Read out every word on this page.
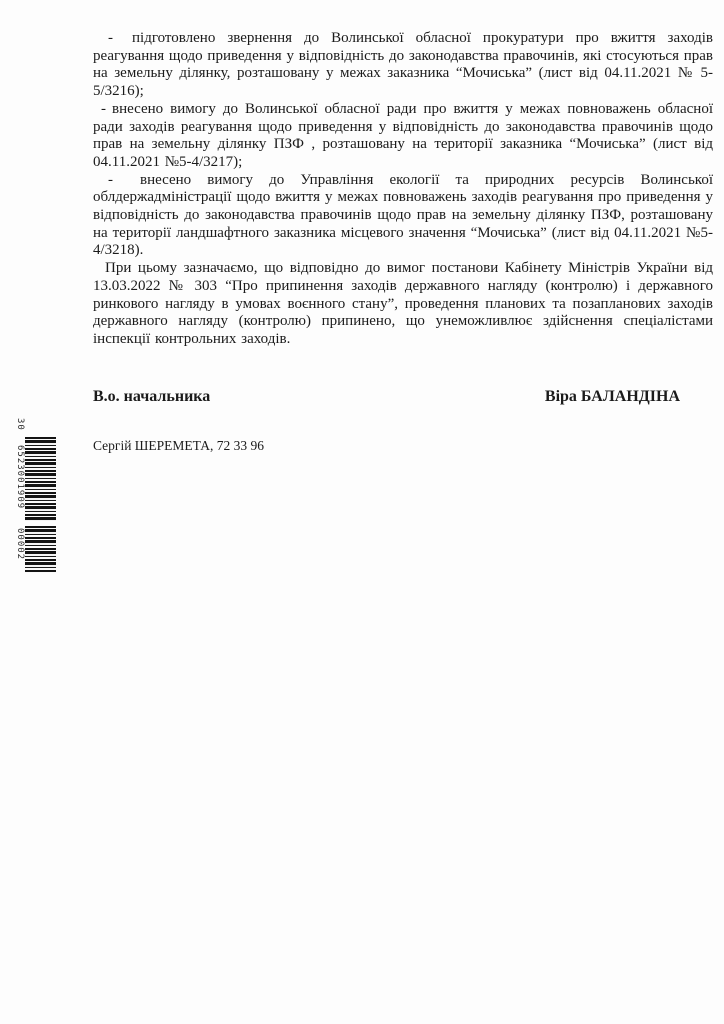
30
6523001909
00002

- підготовлено звернення до Волинської обласної прокуратури про вжиття заходів реагування щодо приведення у відповідність до законодавства правочинів, які стосуються прав на земельну ділянку, розташовану у межах заказника “Мочиська” (лист від 04.11.2021 № 5-5/3216);

- внесено вимогу до Волинської обласної ради про вжиття у межах повноважень обласної ради заходів реагування щодо приведення у відповідність до законодавства правочинів щодо прав на земельну ділянку ПЗФ , розташовану на території заказника “Мочиська” (лист від 04.11.2021 №5-4/3217);

- внесено вимогу до Управління екології та природних ресурсів Волинської облдержадміністрації щодо вжиття у межах повноважень заходів реагування про приведення у відповідність до законодавства правочинів щодо прав на земельну ділянку ПЗФ, розташовану на території ландшафтного заказника місцевого значення “Мочиська” (лист від 04.11.2021 №5-4/3218).

При цьому зазначаємо, що відповідно до вимог постанови Кабінету Міністрів України від 13.03.2022 № 303 “Про припинення заходів державного нагляду (контролю) і державного ринкового нагляду в умовах воєнного стану”, проведення планових та позапланових заходів державного нагляду (контролю) припинено, що унеможливлює здійснення спеціалістами інспекції контрольних заходів.

В.о. начальника	Віра БАЛАНДІНА
Сергій ШЕРЕМЕТА, 72 33 96
